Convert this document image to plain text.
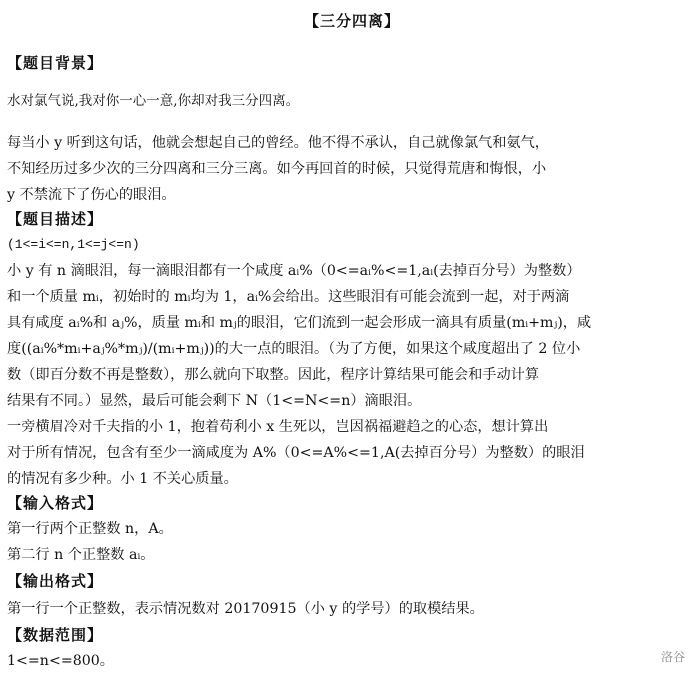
【三分四离】
【题目背景】
水对氯气说,我对你一心一意,你却对我三分四离。
每当小 y 听到这句话，他就会想起自己的曾经。他不得不承认，自己就像氯气和氨气，
不知经历过多少次的三分四离和三分三离。如今再回首的时候，只觉得荒唐和悔恨，小
y 不禁流下了伤心的眼泪。
【题目描述】
(1<=i<=n,1<=j<=n)
小 y 有 n 滴眼泪，每一滴眼泪都有一个咸度 aᵢ%（0<=aᵢ%<=1,aᵢ(去掉百分号）为整数）
和一个质量 mᵢ，初始时的 mᵢ均为 1，aᵢ%会给出。这些眼泪有可能会流到一起，对于两滴
具有咸度 aᵢ%和 aⱼ%，质量 mᵢ和 mⱼ的眼泪，它们流到一起会形成一滴具有质量(mᵢ+mⱼ)，咸
度((aᵢ%*mᵢ+aⱼ%*mⱼ)/(mᵢ+mⱼ))的大一点的眼泪。（为了方便，如果这个咸度超出了 2 位小
数（即百分数不再是整数），那么就向下取整。因此，程序计算结果可能会和手动计算
结果有不同。）显然，最后可能会剩下 N（1<=N<=n）滴眼泪。
一旁横眉冷对千夫指的小 1，抱着苟利小 x 生死以，岂因祸福避趋之的心态，想计算出
对于所有情况，包含有至少一滴咸度为 A%（0<=A%<=1,A(去掉百分号）为整数）的眼泪
的情况有多少种。小 1 不关心质量。
【输入格式】
第一行两个正整数 n，A。
第二行 n 个正整数 aᵢ。
【输出格式】
第一行一个正整数，表示情况数对 20170915（小 y 的学号）的取模结果。
【数据范围】
1<=n<=800。	洛谷
